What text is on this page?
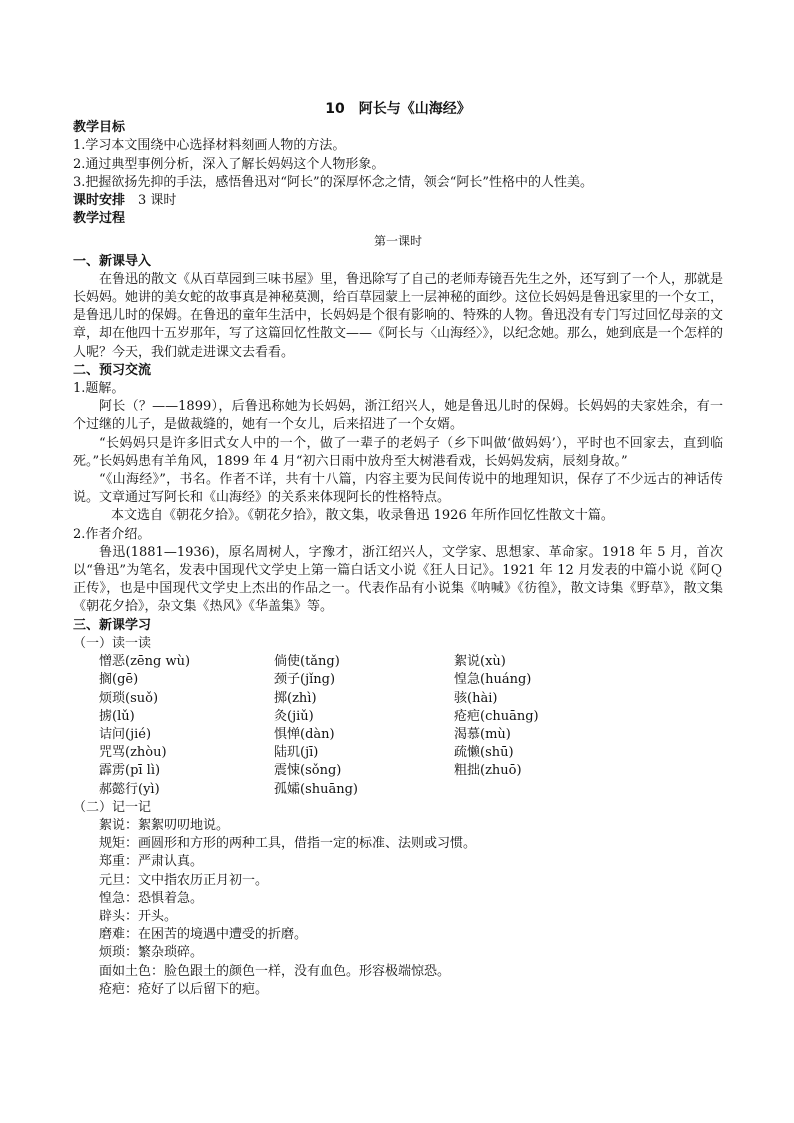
10　阿长与《山海经》

教学目标

1.学习本文围绕中心选择材料刻画人物的方法。

2.通过典型事例分析，深入了解长妈妈这个人物形象。

3.把握欲扬先抑的手法，感悟鲁迅对“阿长”的深厚怀念之情，领会“阿长”性格中的人性美。

课时安排　3 课时

教学过程

第一课时

一、新课导入

在鲁迅的散文《从百草园到三味书屋》里，鲁迅除写了自己的老师寿镜吾先生之外，还写到了一个人，那就是长妈妈。她讲的美女蛇的故事真是神秘莫测，给百草园蒙上一层神秘的面纱。这位长妈妈是鲁迅家里的一个女工，是鲁迅儿时的保姆。在鲁迅的童年生活中，长妈妈是个很有影响的、特殊的人物。鲁迅没有专门写过回忆母亲的文章，却在他四十五岁那年，写了这篇回忆性散文——《阿长与〈山海经〉》，以纪念她。那么，她到底是一个怎样的人呢？今天，我们就走进课文去看看。

二、预习交流

1.题解。

阿长（？——1899），后鲁迅称她为长妈妈，浙江绍兴人，她是鲁迅儿时的保姆。长妈妈的夫家姓余，有一个过继的儿子，是做裁缝的，她有一个女儿，后来招进了一个女婿。

“长妈妈只是许多旧式女人中的一个，做了一辈子的老妈子（乡下叫做‘做妈妈’），平时也不回家去，直到临死。”长妈妈患有羊角风，1899 年 4 月“初六日雨中放舟至大树港看戏，长妈妈发病，辰刻身故。”

“《山海经》”，书名。作者不详，共有十八篇，内容主要为民间传说中的地理知识，保存了不少远古的神话传说。文章通过写阿长和《山海经》的关系来体现阿长的性格特点。

本文选自《朝花夕拾》。《朝花夕拾》，散文集，收录鲁迅 1926 年所作回忆性散文十篇。

2.作者介绍。

鲁迅(1881—1936)，原名周树人，字豫才，浙江绍兴人，文学家、思想家、革命家。1918 年 5 月，首次以“鲁迅”为笔名，发表中国现代文学史上第一篇白话文小说《狂人日记》。1921 年 12 月发表的中篇小说《阿Ｑ正传》，也是中国现代文学史上杰出的作品之一。代表作品有小说集《呐喊》《彷徨》，散文诗集《野草》，散文集《朝花夕拾》，杂文集《热风》《华盖集》等。

三、新课学习

（一）读一读

憎恶(zēng wù)	倘使(tǎng)	絮说(xù)
搁(gē)	颈子(jǐng)	惶急(huáng)
烦琐(suǒ)	掷(zhì)	骇(hài)
掳(lǔ)	灸(jiǔ)	疮疤(chuāng)
诘问(jié)	惧惮(dàn)	渴慕(mù)
咒骂(zhòu)	陆玑(jī)	疏懒(shū)
霹雳(pī lì)	震悚(sǒng)	粗拙(zhuō)
郝懿行(yì)	孤孀(shuāng)

（二）记一记

絮说：絮絮叨叨地说。

规矩：画圆形和方形的两种工具，借指一定的标准、法则或习惯。

郑重：严肃认真。

元旦：文中指农历正月初一。

惶急：恐惧着急。

辟头：开头。

磨难：在困苦的境遇中遭受的折磨。

烦琐：繁杂琐碎。

面如土色：脸色跟土的颜色一样，没有血色。形容极端惊恐。

疮疤：疮好了以后留下的疤。
